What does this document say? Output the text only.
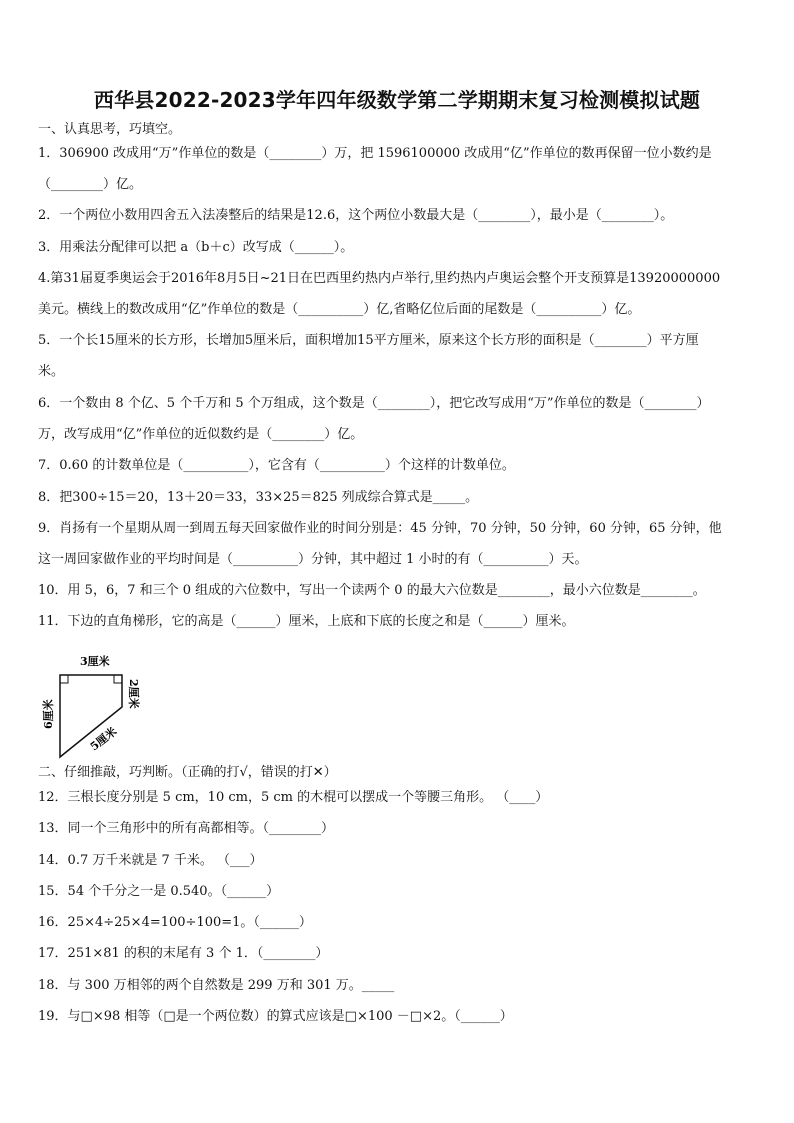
西华县2022-2023学年四年级数学第二学期期末复习检测模拟试题
一、认真思考，巧填空。
1．306900 改成用“万”作单位的数是（________）万，把 1596100000 改成用“亿”作单位的数再保留一位小数约是
（________）亿。
2．一个两位小数用四舍五入法凑整后的结果是12.6，这个两位小数最大是（________），最小是（________）。
3．用乘法分配律可以把 a（b＋c）改写成（______）。
4.第31届夏季奥运会于2016年8月5日~21日在巴西里约热内卢举行,里约热内卢奥运会整个开支预算是13920000000
美元。横线上的数改成用“亿”作单位的数是（__________）亿,省略亿位后面的尾数是（__________）亿。
5．一个长15厘米的长方形，长增加5厘米后，面积增加15平方厘米，原来这个长方形的面积是（________）平方厘
米。
6．一个数由 8 个亿、5 个千万和 5 个万组成，这个数是（________），把它改写成用“万”作单位的数是（________）
万，改写成用“亿”作单位的近似数约是（________）亿。
7．0.60 的计数单位是（__________），它含有（__________）个这样的计数单位。
8．把300÷15＝20，13＋20＝33，33×25＝825 列成综合算式是_____。
9．肖扬有一个星期从周一到周五每天回家做作业的时间分别是：45 分钟，70 分钟，50 分钟，60 分钟，65 分钟，他
这一周回家做作业的平均时间是（__________）分钟，其中超过 1 小时的有（__________）天。
10．用 5，6，7 和三个 0 组成的六位数中，写出一个读两个 0 的最大六位数是________，最小六位数是________。
11．下边的直角梯形，它的高是（______）厘米，上底和下底的长度之和是（______）厘米。
3厘米
6厘米
2厘米
5厘米
二、仔细推敲，巧判断。（正确的打√，错误的打✕）
12．三根长度分别是 5 cm，10 cm，5 cm 的木棍可以摆成一个等腰三角形。 （____）
13．同一个三角形中的所有高都相等。（________）
14．0.7 万千米就是 7 千米。 （___）
15．54 个千分之一是 0.540。（______）
16．25×4÷25×4=100÷100=1。（______）
17．251×81 的积的末尾有 3 个 1．（________）
18．与 300 万相邻的两个自然数是 299 万和 301 万。_____
19．与□×98 相等（□是一个两位数）的算式应该是□×100 －□×2。（______）
